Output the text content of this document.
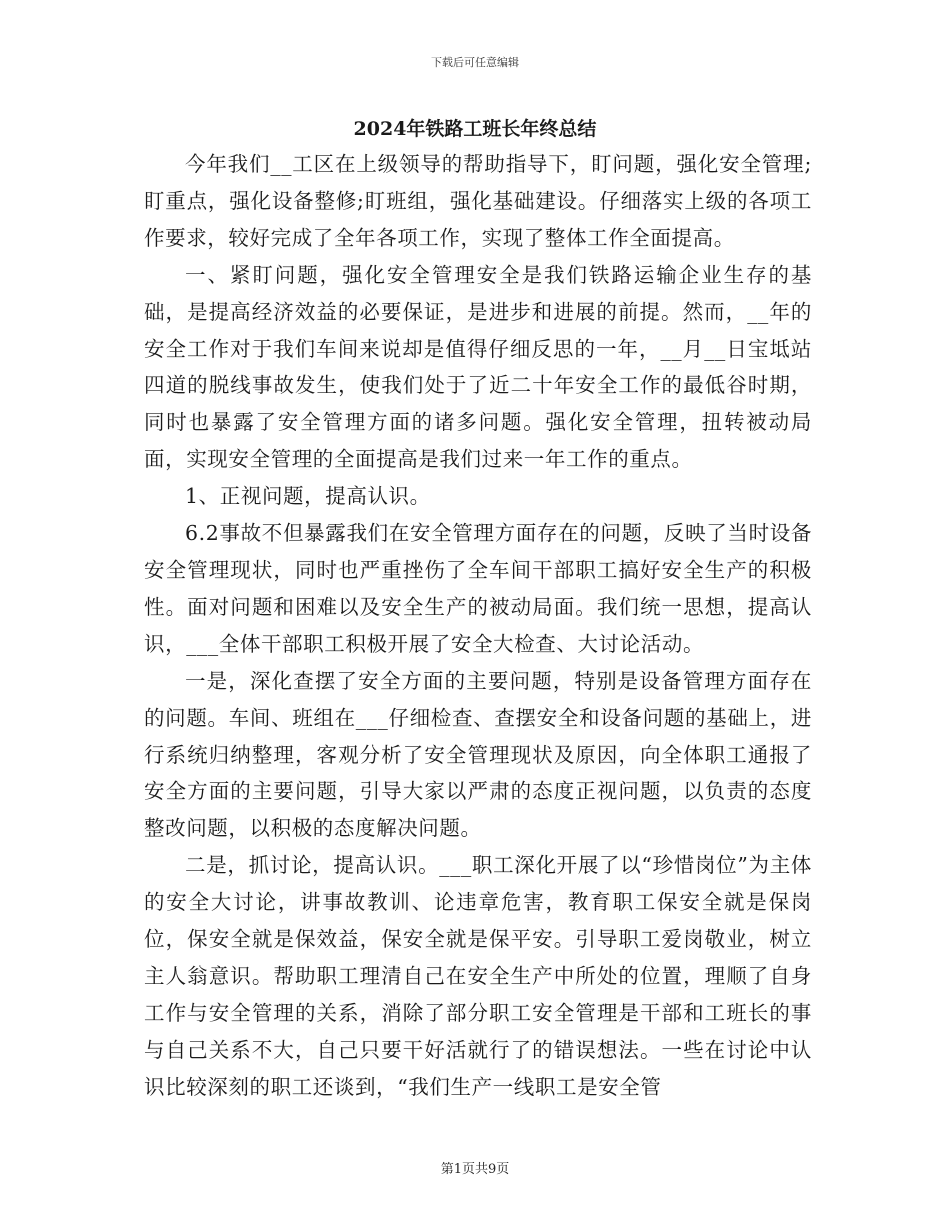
下载后可任意编辑
2024年铁路工班长年终总结

今年我们__工区在上级领导的帮助指导下，盯问题，强化安全管理;盯重点，强化设备整修;盯班组，强化基础建设。仔细落实上级的各项工作要求，较好完成了全年各项工作，实现了整体工作全面提高。

一、紧盯问题，强化安全管理安全是我们铁路运输企业生存的基础，是提高经济效益的必要保证，是进步和进展的前提。然而，__年的安全工作对于我们车间来说却是值得仔细反思的一年，__月__日宝坻站四道的脱线事故发生，使我们处于了近二十年安全工作的最低谷时期，同时也暴露了安全管理方面的诸多问题。强化安全管理，扭转被动局面，实现安全管理的全面提高是我们过来一年工作的重点。

1、正视问题，提高认识。

6.2事故不但暴露我们在安全管理方面存在的问题，反映了当时设备安全管理现状，同时也严重挫伤了全车间干部职工搞好安全生产的积极性。面对问题和困难以及安全生产的被动局面。我们统一思想，提高认识，___全体干部职工积极开展了安全大检查、大讨论活动。

一是，深化查摆了安全方面的主要问题，特别是设备管理方面存在的问题。车间、班组在___仔细检查、查摆安全和设备问题的基础上，进行系统归纳整理，客观分析了安全管理现状及原因，向全体职工通报了安全方面的主要问题，引导大家以严肃的态度正视问题，以负责的态度整改问题，以积极的态度解决问题。

二是，抓讨论，提高认识。___职工深化开展了以“珍惜岗位”为主体的安全大讨论，讲事故教训、论违章危害，教育职工保安全就是保岗位，保安全就是保效益，保安全就是保平安。引导职工爱岗敬业，树立主人翁意识。帮助职工理清自己在安全生产中所处的位置，理顺了自身工作与安全管理的关系，消除了部分职工安全管理是干部和工班长的事与自己关系不大，自己只要干好活就行了的错误想法。一些在讨论中认识比较深刻的职工还谈到，“我们生产一线职工是安全管

第1页共9页
